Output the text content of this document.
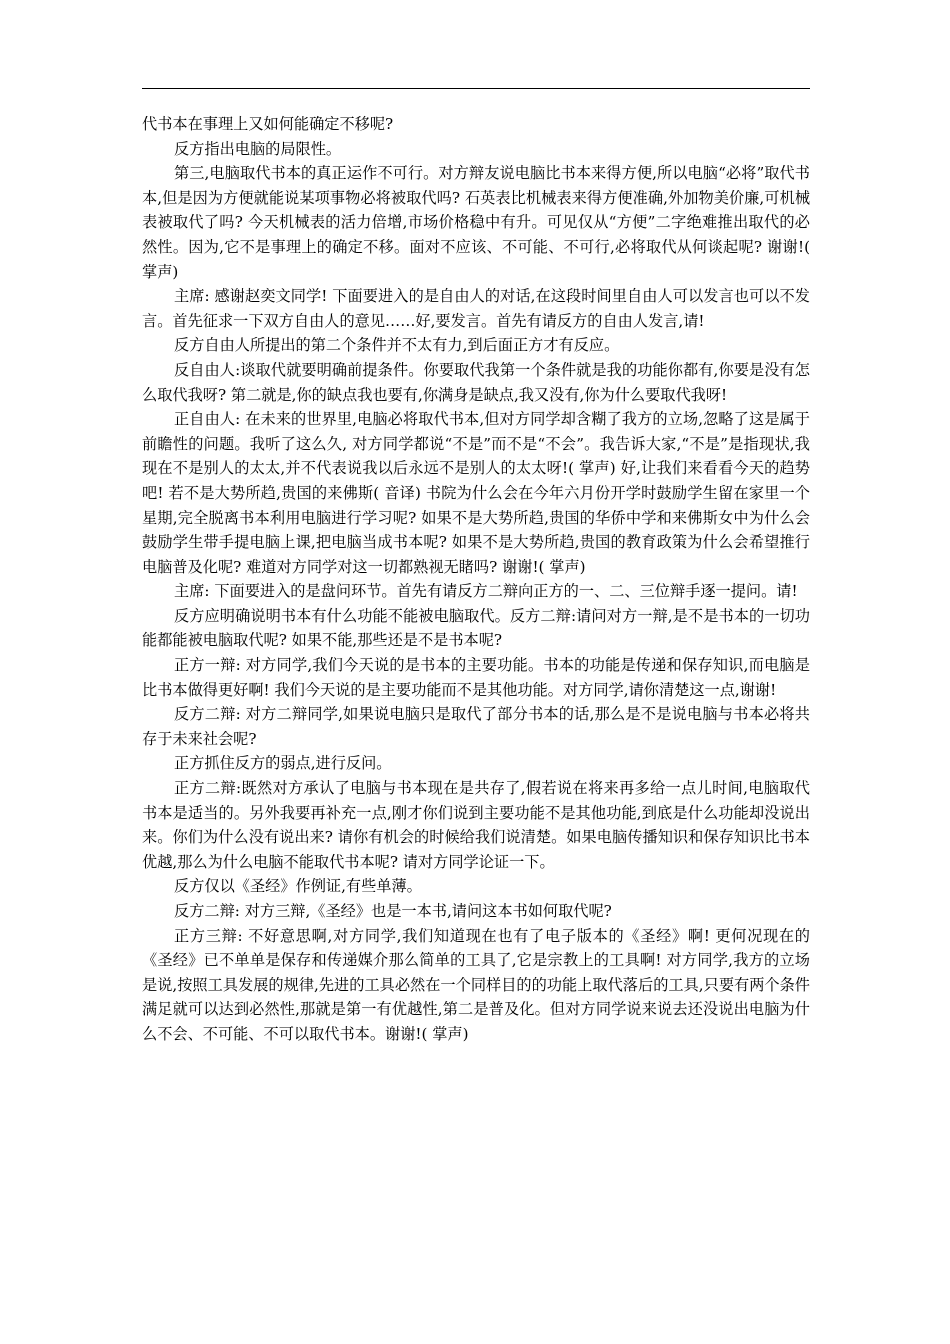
代书本在事理上又如何能确定不移呢?

反方指出电脑的局限性。

第三,电脑取代书本的真正运作不可行。对方辩友说电脑比书本来得方便,所以电脑“必将”取代书本,但是因为方便就能说某项事物必将被取代吗? 石英表比机械表来得方便准确,外加物美价廉,可机械表被取代了吗? 今天机械表的活力倍增,市场价格稳中有升。可见仅从“方便”二字绝难推出取代的必然性。因为,它不是事理上的确定不移。面对不应该、不可能、不可行,必将取代从何谈起呢? 谢谢!( 掌声)

主席: 感谢赵奕文同学! 下面要进入的是自由人的对话,在这段时间里自由人可以发言也可以不发言。首先征求一下双方自由人的意见……好,要发言。首先有请反方的自由人发言,请!

反方自由人所提出的第二个条件并不太有力,到后面正方才有反应。

反自由人:谈取代就要明确前提条件。你要取代我第一个条件就是我的功能你都有,你要是没有怎么取代我呀? 第二就是,你的缺点我也要有,你满身是缺点,我又没有,你为什么要取代我呀!

正自由人: 在未来的世界里,电脑必将取代书本,但对方同学却含糊了我方的立场,忽略了这是属于前瞻性的问题。我听了这么久, 对方同学都说“不是”而不是“不会”。我告诉大家,“不是”是指现状,我现在不是别人的太太,并不代表说我以后永远不是别人的太太呀!( 掌声) 好,让我们来看看今天的趋势吧! 若不是大势所趋,贵国的来佛斯( 音译) 书院为什么会在今年六月份开学时鼓励学生留在家里一个星期,完全脱离书本利用电脑进行学习呢? 如果不是大势所趋,贵国的华侨中学和来佛斯女中为什么会鼓励学生带手提电脑上课,把电脑当成书本呢? 如果不是大势所趋,贵国的教育政策为什么会希望推行电脑普及化呢? 难道对方同学对这一切都熟视无睹吗? 谢谢!( 掌声)

主席: 下面要进入的是盘问环节。首先有请反方二辩向正方的一、二、三位辩手逐一提问。请!

反方应明确说明书本有什么功能不能被电脑取代。反方二辩:请问对方一辩,是不是书本的一切功能都能被电脑取代呢? 如果不能,那些还是不是书本呢?

正方一辩: 对方同学,我们今天说的是书本的主要功能。书本的功能是传递和保存知识,而电脑是比书本做得更好啊! 我们今天说的是主要功能而不是其他功能。对方同学,请你清楚这一点,谢谢!

反方二辩: 对方二辩同学,如果说电脑只是取代了部分书本的话,那么是不是说电脑与书本必将共存于未来社会呢?

正方抓住反方的弱点,进行反问。

正方二辩:既然对方承认了电脑与书本现在是共存了,假若说在将来再多给一点儿时间,电脑取代书本是适当的。另外我要再补充一点,刚才你们说到主要功能不是其他功能,到底是什么功能却没说出来。你们为什么没有说出来? 请你有机会的时候给我们说清楚。如果电脑传播知识和保存知识比书本优越,那么为什么电脑不能取代书本呢? 请对方同学论证一下。

反方仅以《圣经》作例证,有些单薄。

反方二辩: 对方三辩,《圣经》也是一本书,请问这本书如何取代呢?

正方三辩: 不好意思啊,对方同学,我们知道现在也有了电子版本的《圣经》啊! 更何况现在的《圣经》已不单单是保存和传递媒介那么简单的工具了,它是宗教上的工具啊! 对方同学,我方的立场是说,按照工具发展的规律,先进的工具必然在一个同样目的的功能上取代落后的工具,只要有两个条件满足就可以达到必然性,那就是第一有优越性,第二是普及化。但对方同学说来说去还没说出电脑为什么不会、不可能、不可以取代书本。谢谢!( 掌声)
